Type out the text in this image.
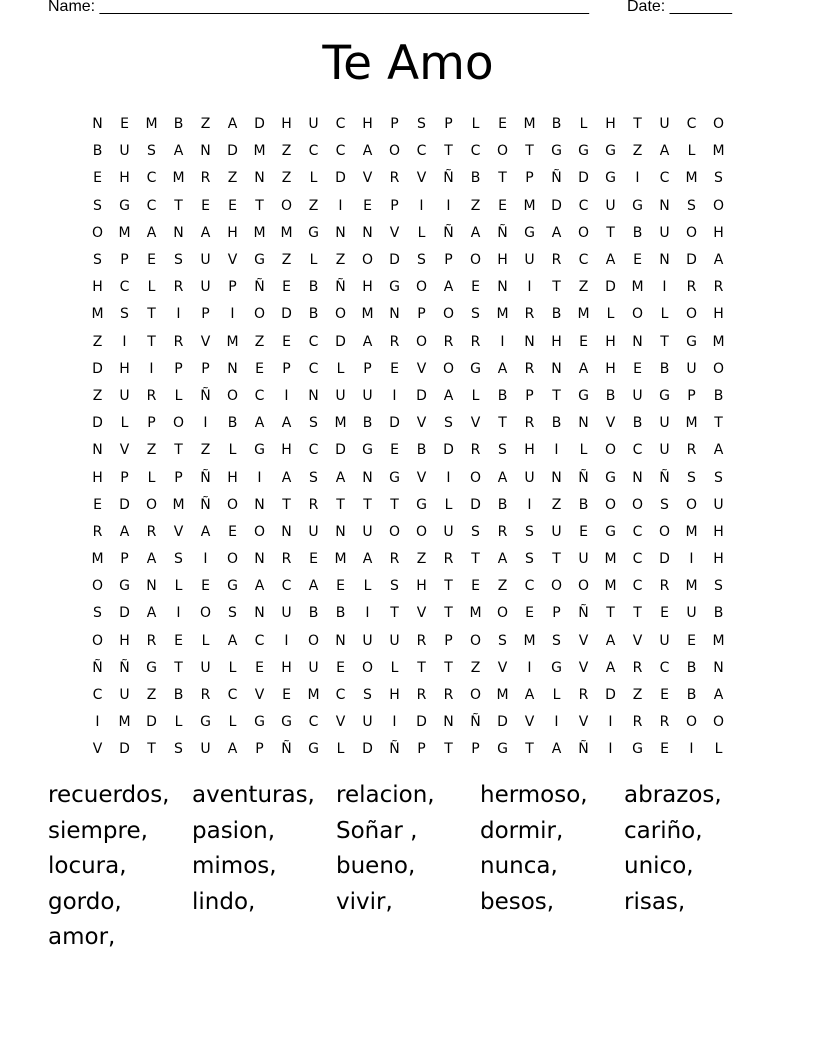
Name: _______________________________________________________ Date: _______
Te Amo
N	E	M	B	Z	A	D	H	U	C	H	P	S	P	L	E	M	B	L	H	T	U	C	O
B	U	S	A	N	D	M	Z	C	C	A	O	C	T	C	O	T	G	G	G	Z	A	L	M
E	H	C	M	R	Z	N	Z	L	D	V	R	V	Ñ	B	T	P	Ñ	D	G	I	C	M	S
S	G	C	T	E	E	T	O	Z	I	E	P	I	I	Z	E	M	D	C	U	G	N	S	O
O	M	A	N	A	H	M	M	G	N	N	V	L	Ñ	A	Ñ	G	A	O	T	B	U	O	H
S	P	E	S	U	V	G	Z	L	Z	O	D	S	P	O	H	U	R	C	A	E	N	D	A
H	C	L	R	U	P	Ñ	E	B	Ñ	H	G	O	A	E	N	I	T	Z	D	M	I	R	R
M	S	T	I	P	I	O	D	B	O	M	N	P	O	S	M	R	B	M	L	O	L	O	H
Z	I	T	R	V	M	Z	E	C	D	A	R	O	R	R	I	N	H	E	H	N	T	G	M
D	H	I	P	P	N	E	P	C	L	P	E	V	O	G	A	R	N	A	H	E	B	U	O
Z	U	R	L	Ñ	O	C	I	N	U	U	I	D	A	L	B	P	T	G	B	U	G	P	B
D	L	P	O	I	B	A	A	S	M	B	D	V	S	V	T	R	B	N	V	B	U	M	T
N	V	Z	T	Z	L	G	H	C	D	G	E	B	D	R	S	H	I	L	O	C	U	R	A
H	P	L	P	Ñ	H	I	A	S	A	N	G	V	I	O	A	U	N	Ñ	G	N	Ñ	S	S
E	D	O	M	Ñ	O	N	T	R	T	T	T	G	L	D	B	I	Z	B	O	O	S	O	U
R	A	R	V	A	E	O	N	U	N	U	O	O	U	S	R	S	U	E	G	C	O	M	H
M	P	A	S	I	O	N	R	E	M	A	R	Z	R	T	A	S	T	U	M	C	D	I	H
O	G	N	L	E	G	A	C	A	E	L	S	H	T	E	Z	C	O	O	M	C	R	M	S
S	D	A	I	O	S	N	U	B	B	I	T	V	T	M	O	E	P	Ñ	T	T	E	U	B
O	H	R	E	L	A	C	I	O	N	U	U	R	P	O	S	M	S	V	A	V	U	E	M
Ñ	Ñ	G	T	U	L	E	H	U	E	O	L	T	T	Z	V	I	G	V	A	R	C	B	N
C	U	Z	B	R	C	V	E	M	C	S	H	R	R	O	M	A	L	R	D	Z	E	B	A
I	M	D	L	G	L	G	G	C	V	U	I	D	N	Ñ	D	V	I	V	I	R	R	O	O
V	D	T	S	U	A	P	Ñ	G	L	D	Ñ	P	T	P	G	T	A	Ñ	I	G	E	I	L
recuerdos, aventuras, relacion,	hermoso,	abrazos,
siempre,	pasion,	Soñar ,	dormir,	cariño,
locura,	mimos,	bueno,	nunca,	unico,
gordo,	lindo,	vivir,	besos,	risas,
amor,
